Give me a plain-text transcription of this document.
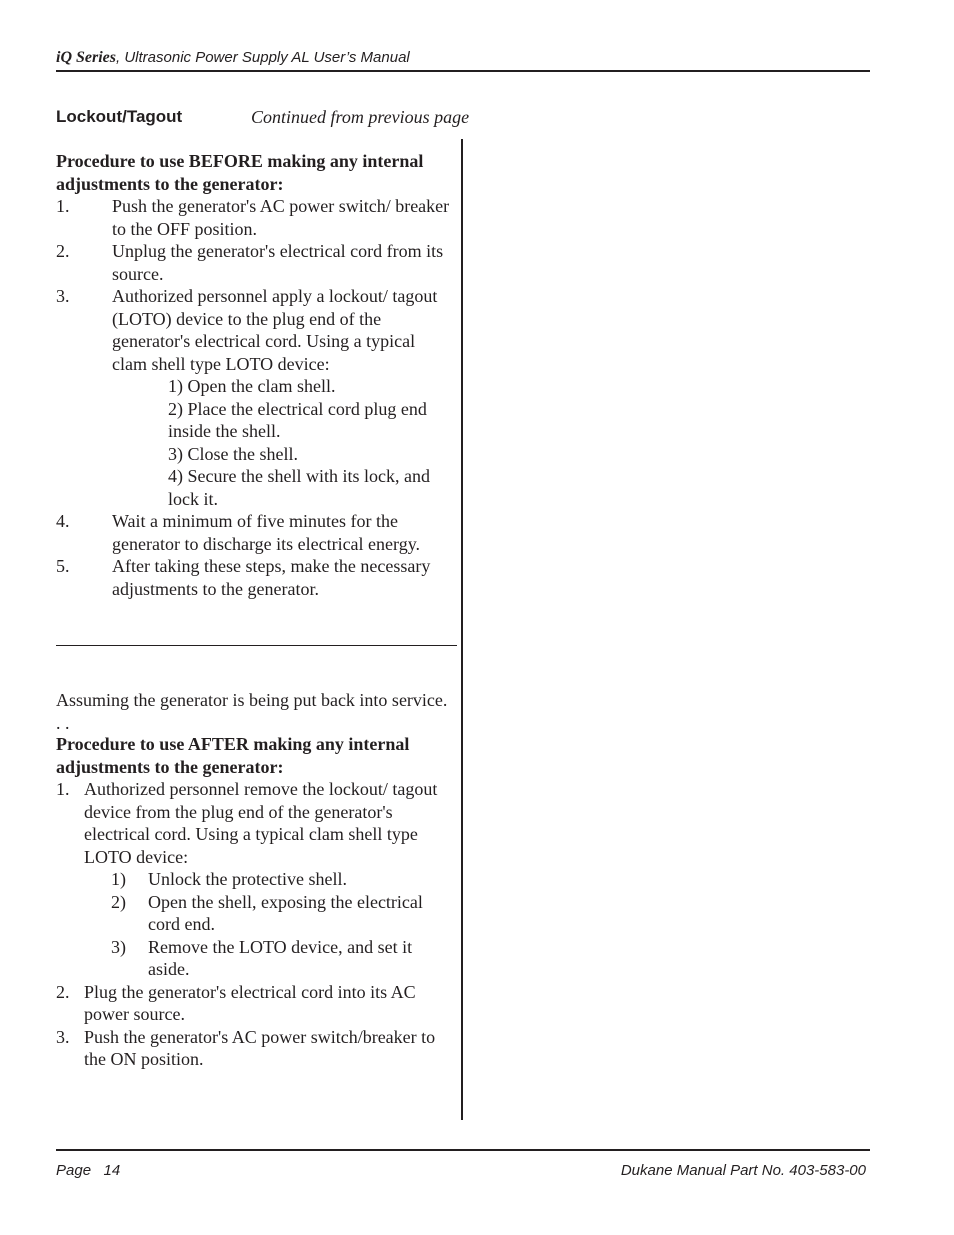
iQ Series, Ultrasonic Power Supply AL User’s Manual
Lockout/Tagout	Continued from previous page
Procedure to use BEFORE making any internal adjustments to the generator:
1. Push the generator's AC power switch/ breaker to the OFF position.
2. Unplug the generator's electrical cord from its source.
3. Authorized personnel apply a lockout/ tagout (LOTO) device to the plug end of the generator's electrical cord. Using a typical clam shell type LOTO device:
1) Open the clam shell.
2) Place the electrical cord plug end inside the shell.
3) Close the shell.
4) Secure the shell with its lock, and lock it.
4. Wait a minimum of five minutes for the generator to discharge its electrical energy.
5. After taking these steps, make the necessary adjustments to the generator.
Assuming the generator is being put back into service. . .
Procedure to use AFTER making any internal adjustments to the generator:
1. Authorized personnel remove the lockout/ tagout device from the plug end of the generator's electrical cord. Using a typical clam shell type LOTO device:
1) Unlock the protective shell.
2) Open the shell, exposing the electrical cord end.
3) Remove the LOTO device, and set it aside.
2. Plug the generator's electrical cord into its AC power source.
3. Push the generator's AC power switch/breaker to the ON position.
Page   14	Dukane Manual Part No. 403-583-00
